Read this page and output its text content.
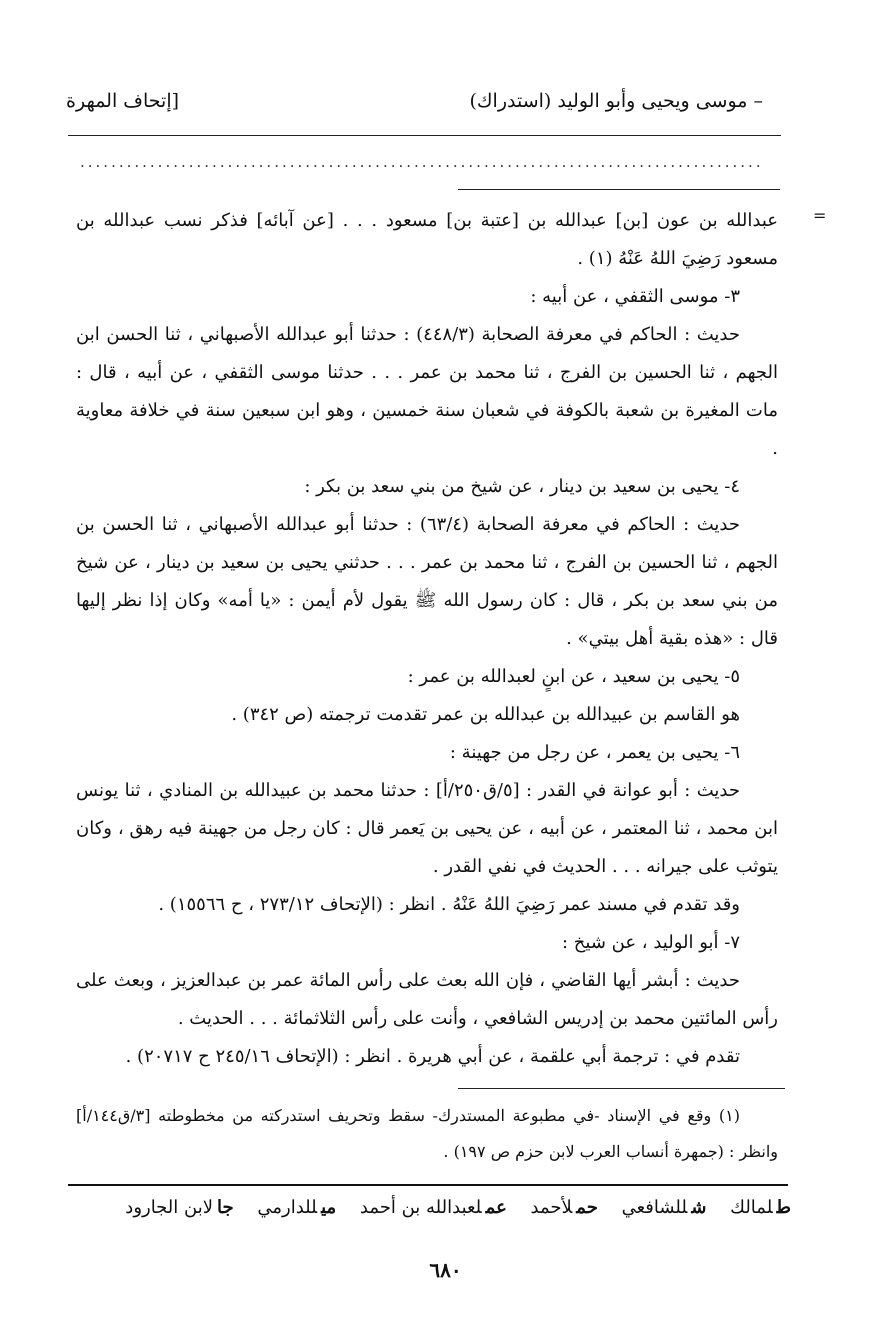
– موسى ويحيى وأبو الوليد (استدراك)
[إتحاف المهرة
........................................................................................
=

عبدالله بن عون [بن] عبدالله بن [عتبة بن] مسعود . . . [عن آبائه] فذكر نسب عبدالله بن مسعود رَضِيَ اللهُ عَنْهُ (١) .

٣- موسى الثقفي ، عن أبيه :

حديث : الحاكم في معرفة الصحابة (٤٤٨/٣) : حدثنا أبو عبدالله الأصبهاني ، ثنا الحسن ابن الجهم ، ثنا الحسين بن الفرج ، ثنا محمد بن عمر . . . حدثنا موسى الثقفي ، عن أبيه ، قال : مات المغيرة بن شعبة بالكوفة في شعبان سنة خمسين ، وهو ابن سبعين سنة في خلافة معاوية .

٤- يحيى بن سعيد بن دينار ، عن شيخ من بني سعد بن بكر :

حديث : الحاكم في معرفة الصحابة (٦٣/٤) : حدثنا أبو عبدالله الأصبهاني ، ثنا الحسن بن الجهم ، ثنا الحسين بن الفرج ، ثنا محمد بن عمر . . . حدثني يحيى بن سعيد بن دينار ، عن شيخ من بني سعد بن بكر ، قال : كان رسول الله ﷺ يقول لأم أيمن : «يا أمه» وكان إذا نظر إليها قال : «هذه بقية أهل بيتي» .

٥- يحيى بن سعيد ، عن ابنٍ لعبدالله بن عمر :

هو القاسم بن عبيدالله بن عبدالله بن عمر تقدمت ترجمته (ص ٣٤٢) .

٦- يحيى بن يعمر ، عن رجل من جهينة :

حديث : أبو عوانة في القدر : [٥/ق٢٥٠/أ] : حدثنا محمد بن عبيدالله بن المنادي ، ثنا يونس ابن محمد ، ثنا المعتمر ، عن أبيه ، عن يحيى بن يَعمر قال : كان رجل من جهينة فيه رهق ، وكان يتوثب على جيرانه . . . الحديث في نفي القدر .

وقد تقدم في مسند عمر رَضِيَ اللهُ عَنْهُ . انظر : (الإتحاف ٢٧٣/١٢ ، ح ١٥٥٦٦) .

٧- أبو الوليد ، عن شيخ :

حديث : أبشر أيها القاضي ، فإن الله بعث على رأس المائة عمر بن عبدالعزيز ، وبعث على رأس المائتين محمد بن إدريس الشافعي ، وأنت على رأس الثلاثمائة . . . الحديث .

تقدم في : ترجمة أبي علقمة ، عن أبي هريرة . انظر : (الإتحاف ٢٤٥/١٦ ح ٢٠٧١٧) .

(١) وقع في الإسناد -في مطبوعة المستدرك- سقط وتحريف استدركته من مخطوطته [٣/ق١٤٤/أ] وانظر : (جمهرة أنساب العرب لابن حزم ص ١٩٧) .

طلمالك شللشافعي حملأحمد عملعبدالله بن أحمد ميللدارمي جالابن الجارود
٦٨٠
